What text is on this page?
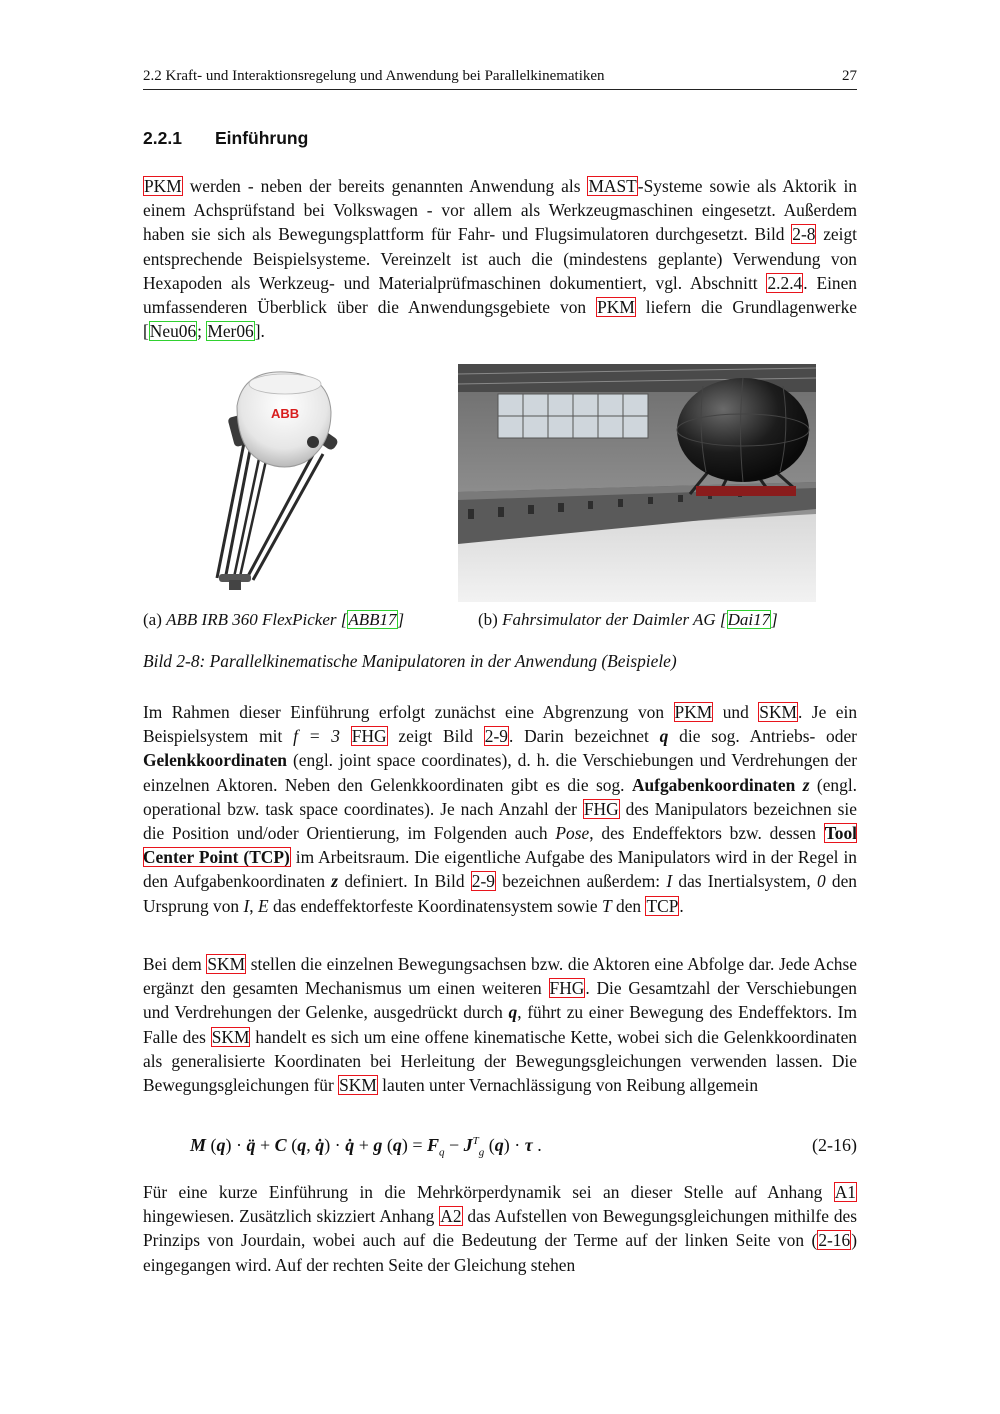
2.2 Kraft- und Interaktionsregelung und Anwendung bei Parallelkinematiken	27
2.2.1 Einführung
PKM werden - neben der bereits genannten Anwendung als MAST-Systeme sowie als Aktorik in einem Achsprüfstand bei Volkswagen - vor allem als Werkzeugmaschinen eingesetzt. Außerdem haben sie sich als Bewegungsplattform für Fahr- und Flugsimulatoren durchgesetzt. Bild 2-8 zeigt entsprechende Beispielsysteme. Vereinzelt ist auch die (mindestens geplante) Verwendung von Hexapoden als Werkzeug- und Materialprüfmaschinen dokumentiert, vgl. Abschnitt 2.2.4. Einen umfassenderen Überblick über die Anwendungsgebiete von PKM liefern die Grundlagenwerke [Neu06; Mer06].
ABB
(a) ABB IRB 360 FlexPicker [ABB17]	(b) Fahrsimulator der Daimler AG [Dai17]
Bild 2-8: Parallelkinematische Manipulatoren in der Anwendung (Beispiele)
Im Rahmen dieser Einführung erfolgt zunächst eine Abgrenzung von PKM und SKM. Je ein Beispielsystem mit f = 3 FHG zeigt Bild 2-9. Darin bezeichnet q die sog. Antriebs- oder Gelenkkoordinaten (engl. joint space coordinates), d. h. die Verschiebungen und Verdrehungen der einzelnen Aktoren. Neben den Gelenkkoordinaten gibt es die sog. Aufgabenkoordinaten z (engl. operational bzw. task space coordinates). Je nach Anzahl der FHG des Manipulators bezeichnen sie die Position und/oder Orientierung, im Folgenden auch Pose, des Endeffektors bzw. dessen Tool Center Point (TCP) im Arbeitsraum. Die eigentliche Aufgabe des Manipulators wird in der Regel in den Aufgabenkoordinaten z definiert. In Bild 2-9 bezeichnen außerdem: I das Inertialsystem, 0 den Ursprung von I, E das endeffektorfeste Koordinatensystem sowie T den TCP.
Bei dem SKM stellen die einzelnen Bewegungsachsen bzw. die Aktoren eine Abfolge dar. Jede Achse ergänzt den gesamten Mechanismus um einen weiteren FHG. Die Gesamtzahl der Verschiebungen und Verdrehungen der Gelenke, ausgedrückt durch q, führt zu einer Bewegung des Endeffektors. Im Falle des SKM handelt es sich um eine offene kinematische Kette, wobei sich die Gelenkkoordinaten als generalisierte Koordinaten bei Herleitung der Bewegungsgleichungen verwenden lassen. Die Bewegungsgleichungen für SKM lauten unter Vernachlässigung von Reibung allgemein
M (q) · q̈ + C (q, q̇) · q̇ + g $(q) = F_q - J^T_g$ (q) · τ .	(2-16)
Für eine kurze Einführung in die Mehrkörperdynamik sei an dieser Stelle auf Anhang A1 hingewiesen. Zusätzlich skizziert Anhang A2 das Aufstellen von Bewegungsgleichungen mithilfe des Prinzips von Jourdain, wobei auch auf die Bedeutung der Terme auf der linken Seite von (2-16) eingegangen wird. Auf der rechten Seite der Gleichung stehen
